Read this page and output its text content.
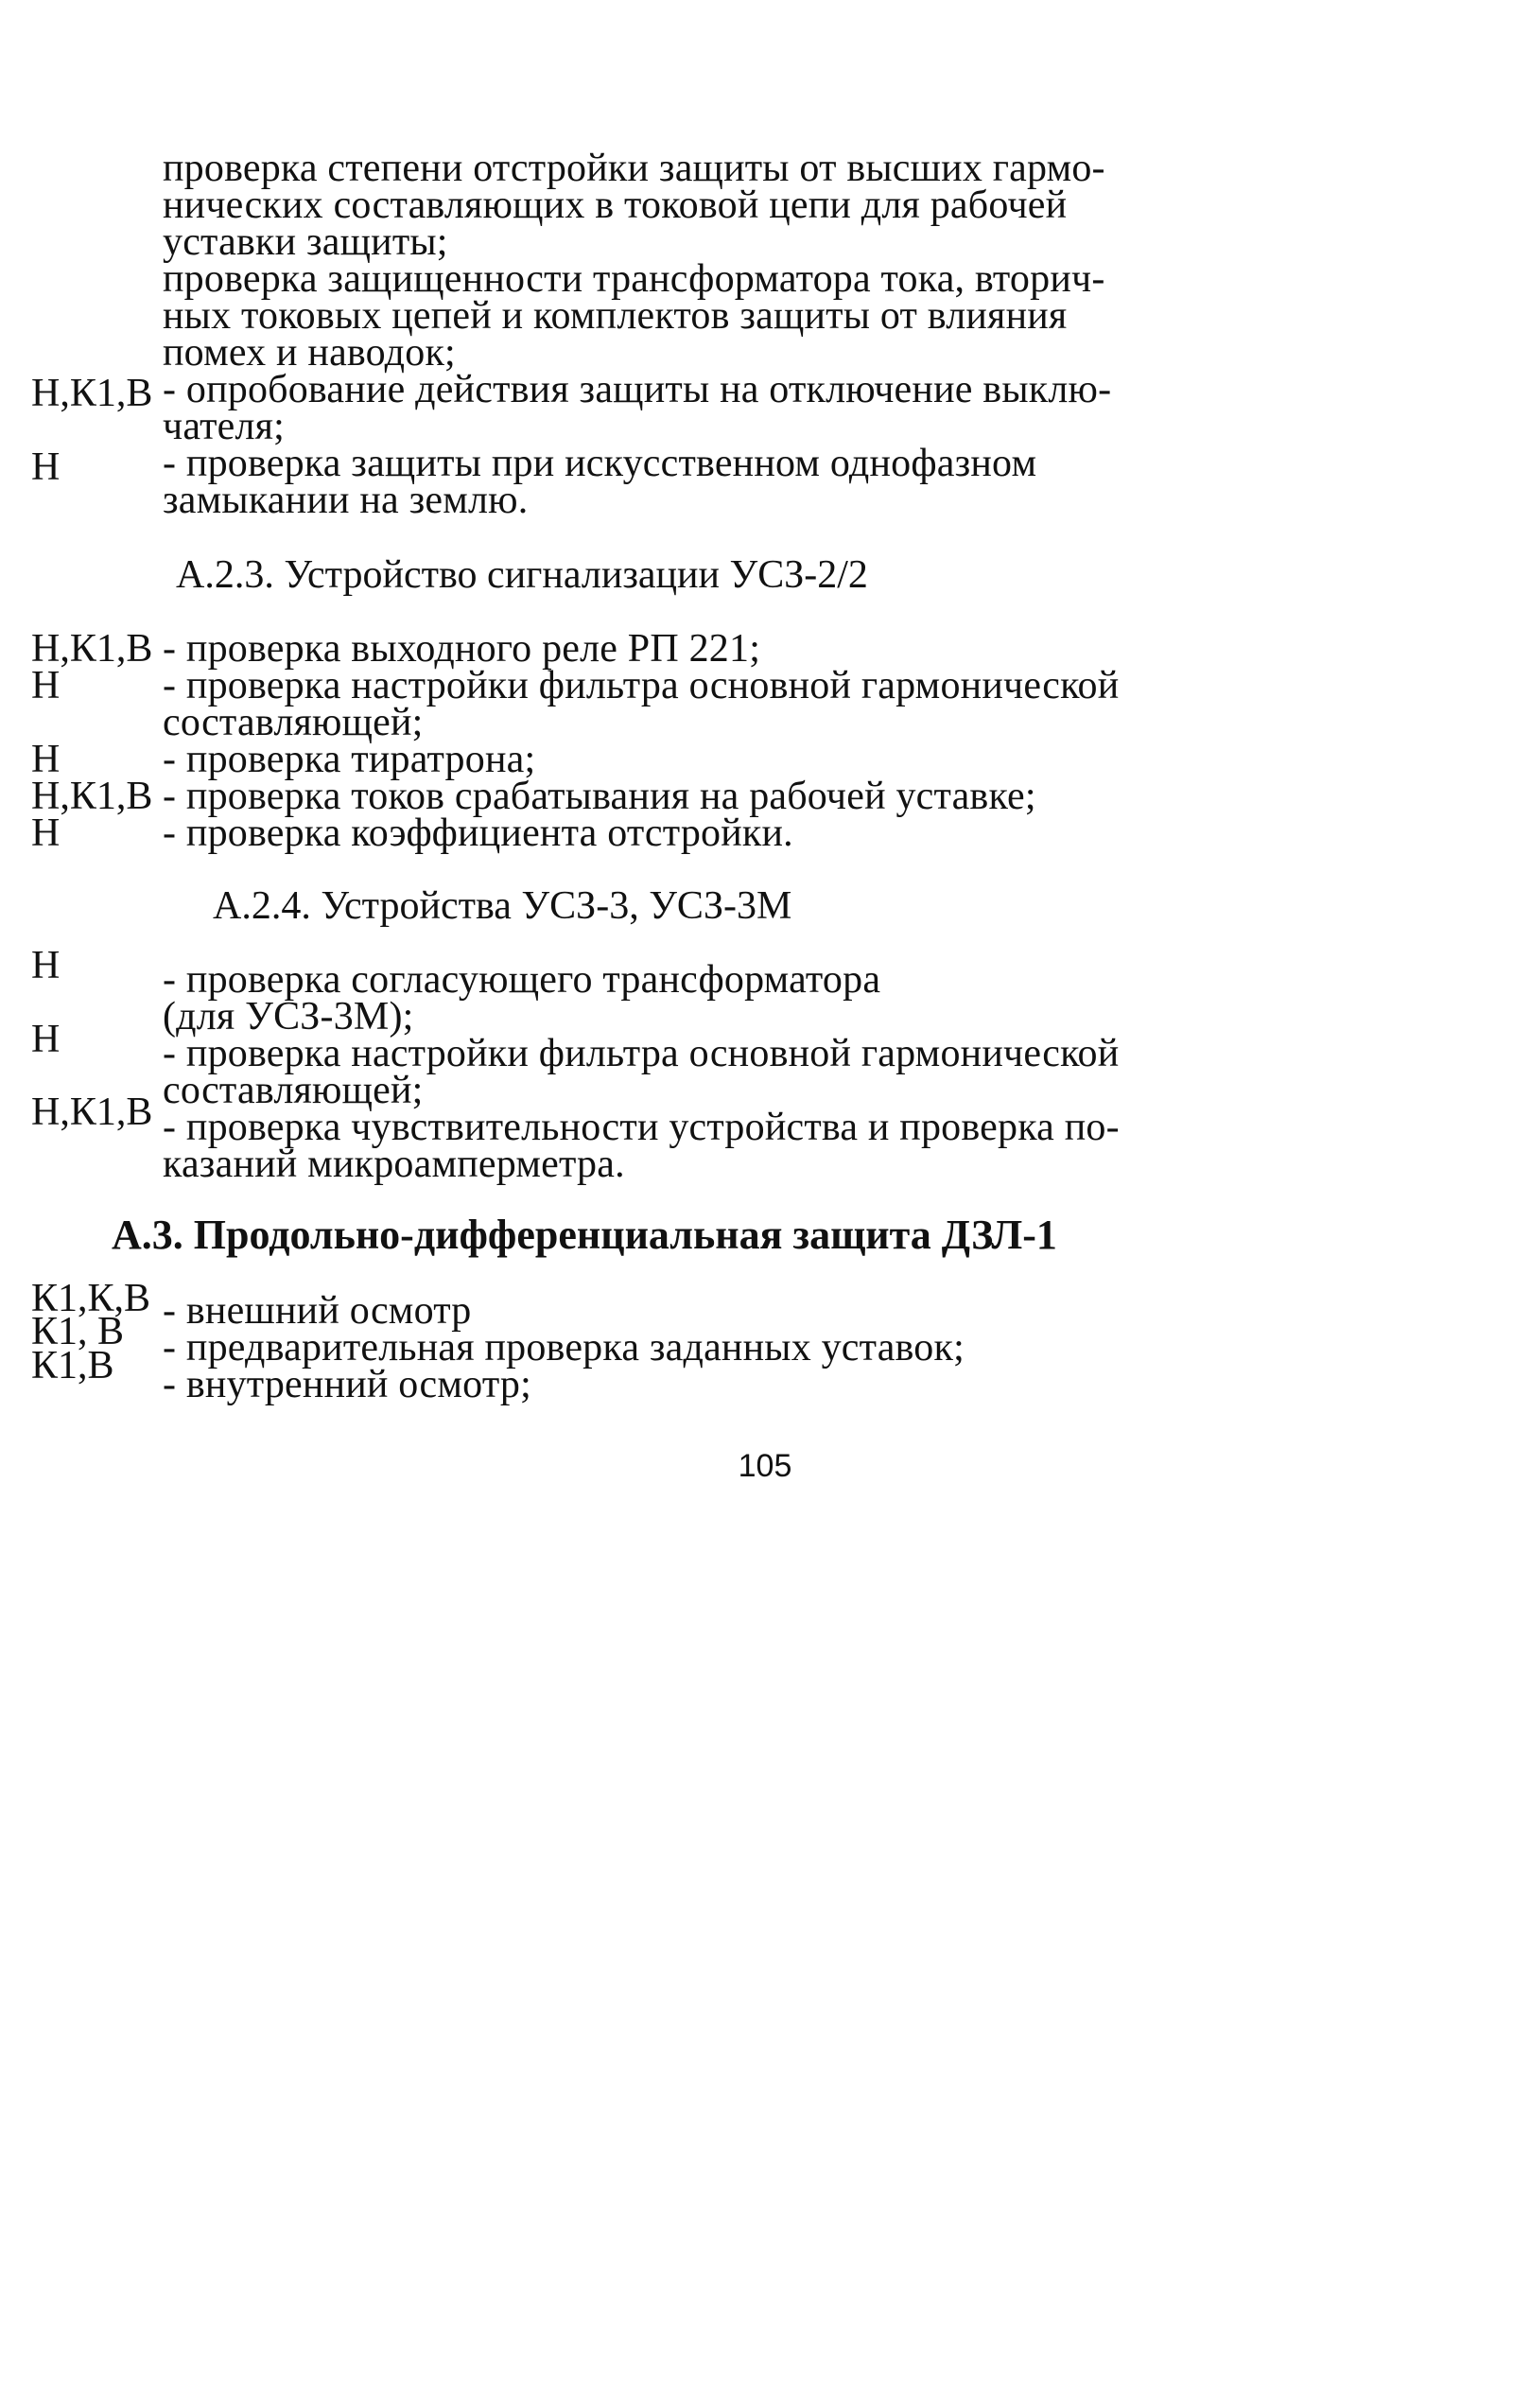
проверка степени отстройки защиты от высших гармо-
нических составляющих в токовой цепи для рабочей
уставки защиты;
проверка защищенности трансформатора тока, вторич-
ных токовых цепей и комплектов защиты от влияния
помех и наводок;
Н,К1,В - опробование действия защиты на отключение выклю-
чателя;
Н	- проверка защиты при искусственном однофазном
замыкании на землю.
А.2.3. Устройство сигнализации УСЗ-2/2
Н,К1,В - проверка выходного реле РП 221;
Н	- проверка настройки фильтра основной гармонической
составляющей;
Н	- проверка тиратрона;
Н,К1,В - проверка токов срабатывания на рабочей уставке;
Н	- проверка коэффициента отстройки.
А.2.4. Устройства УСЗ-3, УСЗ-3М
Н	- проверка согласующего трансформатора
(для УСЗ-3М);
Н	- проверка настройки фильтра основной гармонической
составляющей;
Н,К1,В - проверка чувствительности устройства и проверка по-
казаний микроамперметра.
А.3. Продольно-дифференциальная защита ДЗЛ-1
К1,К,В - внешний осмотр
К1, В - предварительная проверка заданных уставок;
К1,В - внутренний осмотр;
105
